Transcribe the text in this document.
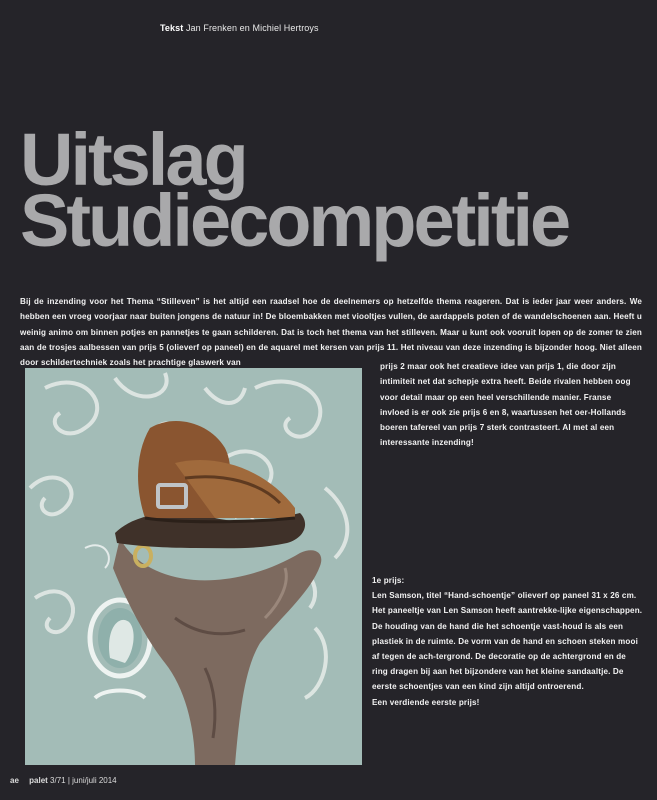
Tekst Jan Frenken en Michiel Hertroys
Uitslag
Studiecompetitie
Bij de inzending voor het Thema “Stilleven” is het altijd een raadsel hoe de deelnemers op hetzelfde thema reageren. Dat is ieder jaar weer anders. We hebben een vroeg voorjaar naar buiten jongens de natuur in! De bloembakken met viooltjes vullen, de aardappels poten of de wandelschoenen aan. Heeft u weinig animo om binnen potjes en pannetjes te gaan schilderen. Dat is toch het thema van het stilleven. Maar u kunt ook vooruit lopen op de zomer te zien aan de trosjes aalbessen van prijs 5 (olieverf op paneel) en de aquarel met kersen van prijs 11. Het niveau van deze inzending is bijzonder hoog. Niet alleen door schildertechniek zoals het prachtige glaswerk van	prijs 2 maar ook het creatieve idee van prijs 1, die door zijn intimiteit net dat schepje extra heeft. Beide rivalen hebben oog voor detail maar op een heel verschillende manier. Franse invloed is er ook zie prijs 6 en 8, waartussen het oer-Hollands boeren tafereel van prijs 7 sterk contrasteert. Al met al een interessante inzending!

1e prijs:

Len Samson, titel “Hand-schoentje” olieverf op paneel 31 x 26 cm.

Het paneeltje van Len Samson heeft aantrekke-lijke eigenschappen.

De houding van de hand die het schoentje vast-houd is als een plastiek in de ruimte. De vorm van de hand en schoen steken mooi af tegen de ach-tergrond. De decoratie op de achtergrond en de ring dragen bij aan het bijzondere van het kleine sandaaltje. De eerste schoentjes van een kind zijn altijd ontroerend.

Een verdiende eerste prijs!

ae palet 3/71 | juni/juli 2014
